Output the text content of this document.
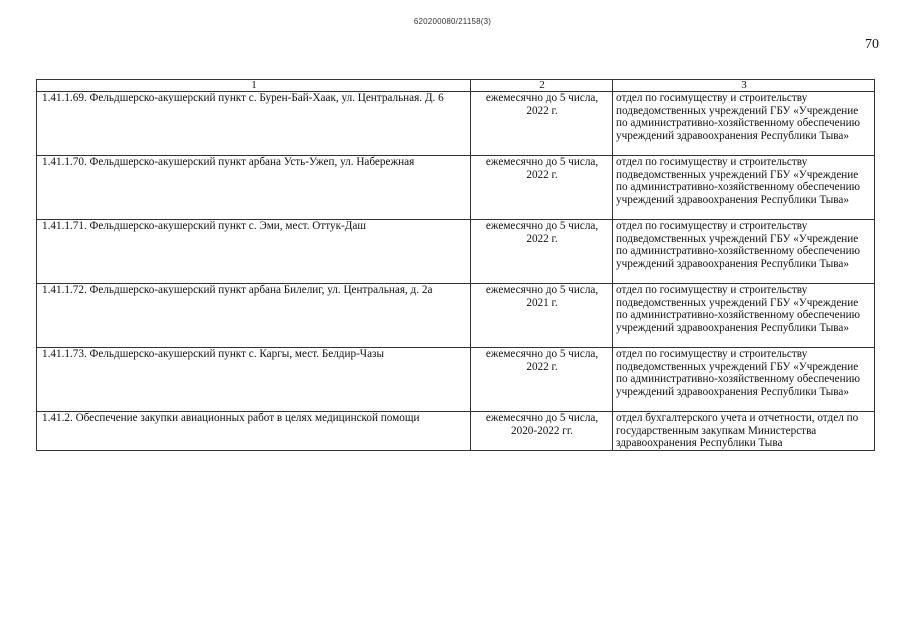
620200080/21158(3)
70
1	2	3
1.41.1.69. Фельдшерско-акушерский пункт с. Бурен-Бай-Хаак, ул. Центральная. Д. 6	ежемесячно до 5 числа, 2022 г.	отдел по госимуществу и строительству подведомственных учреждений ГБУ «Учреждение по административно-хозяйственному обеспечению учреждений здравоохранения Республики Тыва»
1.41.1.70. Фельдшерско-акушерский пункт арбана Усть-Ужеп, ул. Набережная	ежемесячно до 5 числа, 2022 г.	отдел по госимуществу и строительству подведомственных учреждений ГБУ «Учреждение по административно-хозяйственному обеспечению учреждений здравоохранения Республики Тыва»
1.41.1.71. Фельдшерско-акушерский пункт с. Эми, мест. Оттук-Даш	ежемесячно до 5 числа, 2022 г.	отдел по госимуществу и строительству подведомственных учреждений ГБУ «Учреждение по административно-хозяйственному обеспечению учреждений здравоохранения Республики Тыва»
1.41.1.72. Фельдшерско-акушерский пункт арбана Билелиг, ул. Центральная, д. 2а	ежемесячно до 5 числа, 2021 г.	отдел по госимуществу и строительству подведомственных учреждений ГБУ «Учреждение по административно-хозяйственному обеспечению учреждений здравоохранения Республики Тыва»
1.41.1.73. Фельдшерско-акушерский пункт с. Каргы, мест. Белдир-Чазы	ежемесячно до 5 числа, 2022 г.	отдел по госимуществу и строительству подведомственных учреждений ГБУ «Учреждение по административно-хозяйственному обеспечению учреждений здравоохранения Республики Тыва»
1.41.2. Обеспечение закупки авиационных работ в целях медицинской помощи	ежемесячно до 5 числа, 2020-2022 гг.	отдел бухгалтерского учета и отчетности, отдел по государственным закупкам Министерства здравоохранения Республики Тыва
